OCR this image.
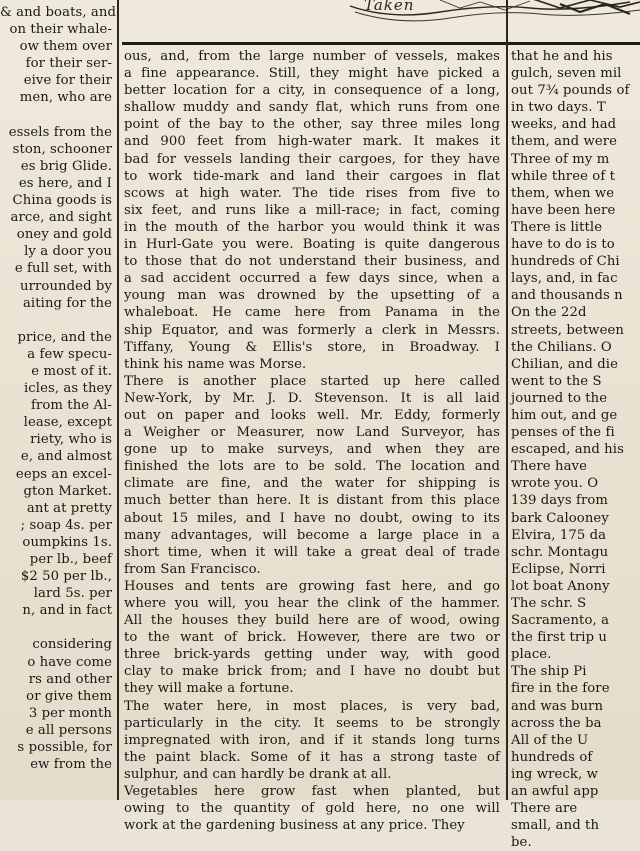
Taken
& and boats, and
on their whale-
ow them over
for their ser-
eive for their
men, who are

essels from the
ston, schooner
es brig Glide.
es here, and I
China goods is
arce, and sight
oney and gold
ly a door you
e full set, with
urrounded by
aiting for the

price, and the
a few specu-
e most of it.
icles, as they
from the Al-
lease, except
riety, who is
e, and almost
eeps an excel-
gton Market.
ant at pretty
; soap 4s. per
oumpkins 1s.
per lb., beef
$2 50 per lb.,
lard 5s. per
n, and in fact

considering
o have come
rs and other
or give them
3 per month
e all persons
s possible, for
ew from the
ous, and, from the large number of vessels, makes
a fine appearance. Still, they might have picked a
better location for a city, in consequence of a long,
shallow muddy and sandy flat, which runs from one
point of the bay to the other, say three miles long
and 900 feet from high-water mark. It makes it
bad for vessels landing their cargoes, for they have
to work tide-mark and land their cargoes in flat
scows at high water. The tide rises from five to
six feet, and runs like a mill-race; in fact, coming
in the mouth of the harbor you would think it was
in Hurl-Gate you were. Boating is quite dangerous
to those that do not understand their business, and
a sad accident occurred a few days since, when a
young man was drowned by the upsetting of a
whaleboat. He came here from Panama in the
ship Equator, and was formerly a clerk in Messrs.
Tiffany, Young & Ellis's store, in Broadway. I
think his name was Morse.
There is another place started up here called
New-York, by Mr. J. D. Stevenson. It is all laid
out on paper and looks well. Mr. Eddy, formerly
a Weigher or Measurer, now Land Surveyor, has
gone up to make surveys, and when they are
finished the lots are to be sold. The location and
climate are fine, and the water for shipping is
much better than here. It is distant from this place
about 15 miles, and I have no doubt, owing to its
many advantages, will become a large place in a
short time, when it will take a great deal of trade
from San Francisco.
Houses and tents are growing fast here, and go
where you will, you hear the clink of the hammer.
All the houses they build here are of wood, owing
to the want of brick. However, there are two or
three brick-yards getting under way, with good
clay to make brick from; and I have no doubt but
they will make a fortune.
The water here, in most places, is very bad,
particularly in the city. It seems to be strongly
impregnated with iron, and if it stands long turns
the paint black. Some of it has a strong taste of
sulphur, and can hardly be drank at all.
Vegetables here grow fast when planted, but
owing to the quantity of gold here, no one will
work at the gardening business at any price. They
that he and his
gulch, seven mil
out 7¾ pounds of
in two days. T
weeks, and had
them, and were
Three of my m
while three of t
them, when we
have been here
There is little
have to do is to
hundreds of Chi
lays, and, in fac
and thousands n
On the 22d
streets, between
the Chilians. O
Chilian, and die
went to the S
journed to the
him out, and ge
penses of the fi
escaped, and his
There have
wrote you. O
139 days from
bark Calooney
Elvira, 175 da
schr. Montagu
Eclipse, Norri
lot boat Anony
The schr. S
Sacramento, a
the first trip u
place.
The ship Pi
fire in the fore
and was burn
across the ba
All of the U
hundreds of
ing wreck, w
an awful app
There are
small, and th
be.
